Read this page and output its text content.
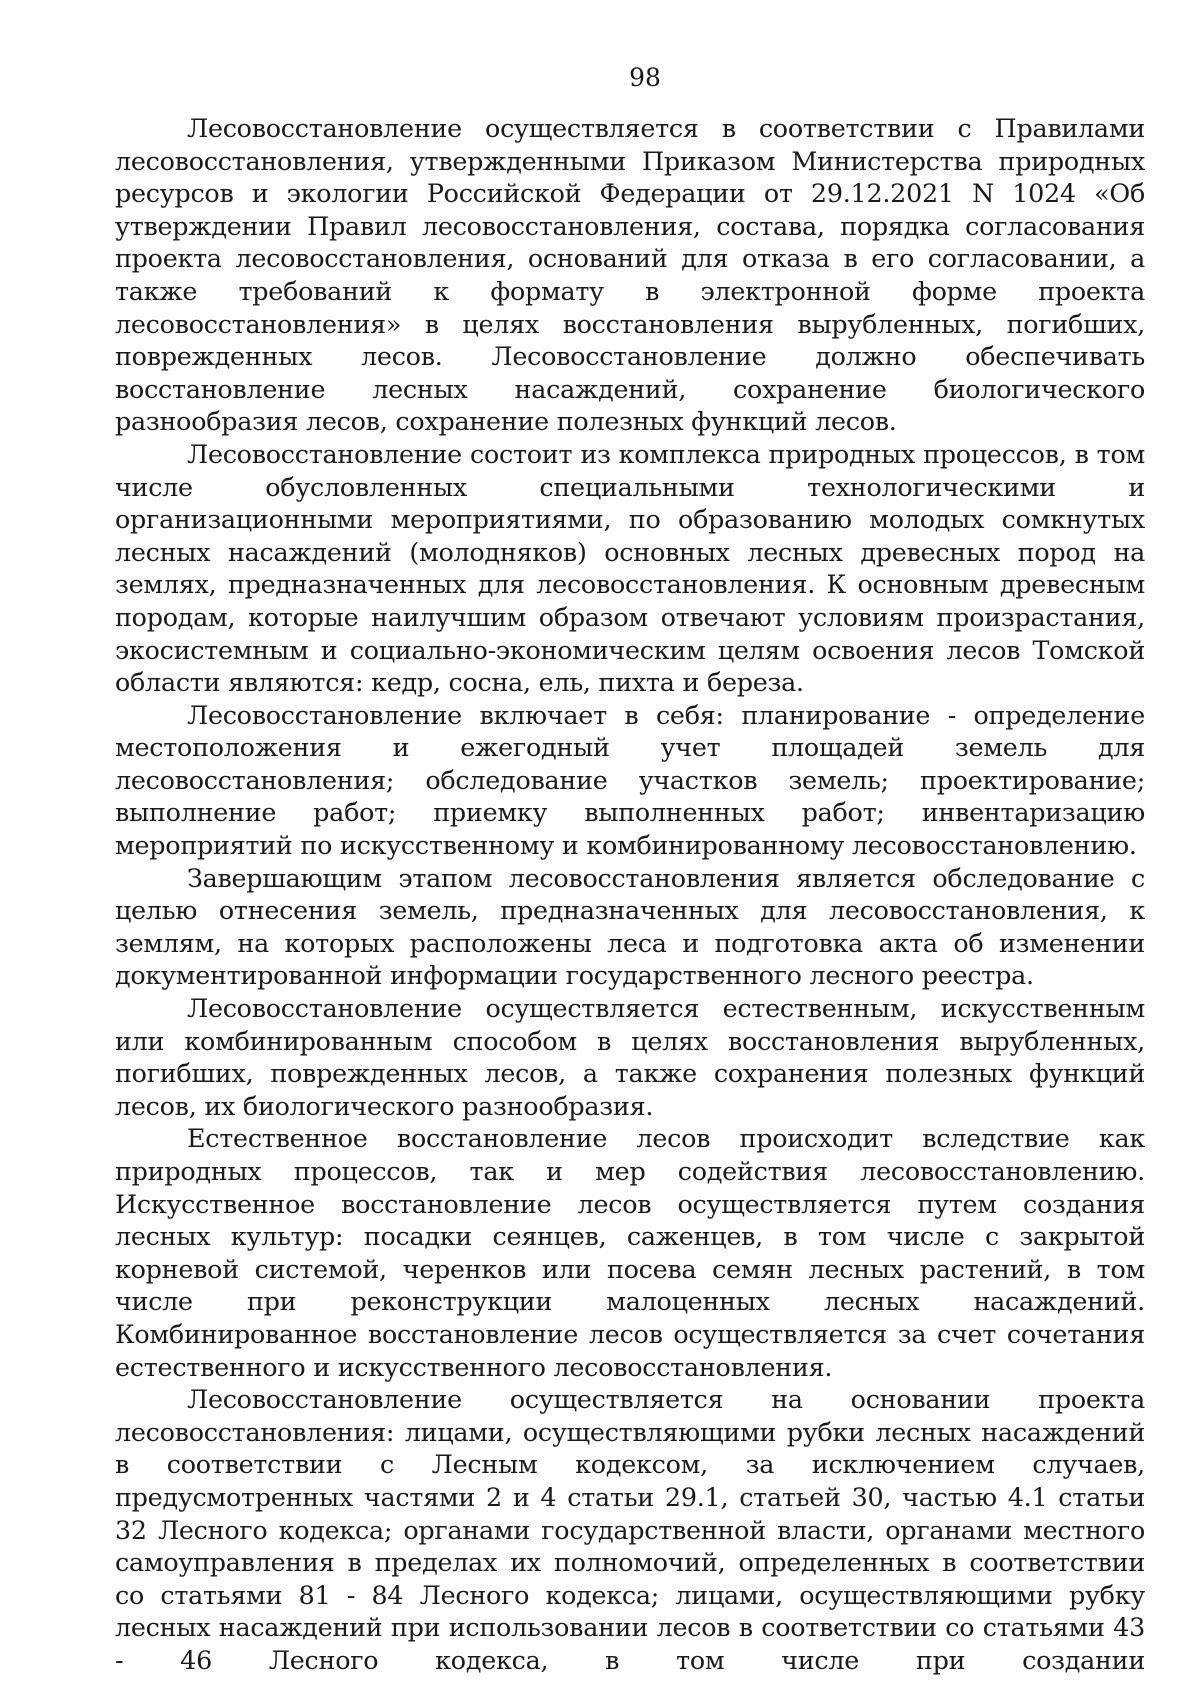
98

Лесовосстановление осуществляется в соответствии с Правилами лесовосстановления, утвержденными Приказом Министерства природных ресурсов и экологии Российской Федерации от 29.12.2021 N 1024 «Об утверждении Правил лесовосстановления, состава, порядка согласования проекта лесовосстановления, оснований для отказа в его согласовании, а также требований к формату в электронной форме проекта лесовосстановления» в целях восстановления вырубленных, погибших, поврежденных лесов. Лесовосстановление должно обеспечивать восстановление лесных насаждений, сохранение биологического разнообразия лесов, сохранение полезных функций лесов.

Лесовосстановление состоит из комплекса природных процессов, в том числе обусловленных специальными технологическими и организационными мероприятиями, по образованию молодых сомкнутых лесных насаждений (молодняков) основных лесных древесных пород на землях, предназначенных для лесовосстановления. К основным древесным породам, которые наилучшим образом отвечают условиям произрастания, экосистемным и социально-экономическим целям освоения лесов Томской области являются: кедр, сосна, ель, пихта и береза.

Лесовосстановление включает в себя: планирование - определение местоположения и ежегодный учет площадей земель для лесовосстановления; обследование участков земель; проектирование; выполнение работ; приемку выполненных работ; инвентаризацию мероприятий по искусственному и комбинированному лесовосстановлению.

Завершающим этапом лесовосстановления является обследование с целью отнесения земель, предназначенных для лесовосстановления, к землям, на которых расположены леса и подготовка акта об изменении документированной информации государственного лесного реестра.

Лесовосстановление осуществляется естественным, искусственным или комбинированным способом в целях восстановления вырубленных, погибших, поврежденных лесов, а также сохранения полезных функций лесов, их биологического разнообразия.

Естественное восстановление лесов происходит вследствие как природных процессов, так и мер содействия лесовосстановлению. Искусственное восстановление лесов осуществляется путем создания лесных культур: посадки сеянцев, саженцев, в том числе с закрытой корневой системой, черенков или посева семян лесных растений, в том числе при реконструкции малоценных лесных насаждений. Комбинированное восстановление лесов осуществляется за счет сочетания естественного и искусственного лесовосстановления.

Лесовосстановление осуществляется на основании проекта лесовосстановления: лицами, осуществляющими рубки лесных насаждений в соответствии с Лесным кодексом, за исключением случаев, предусмотренных частями 2 и 4 статьи 29.1, статьей 30, частью 4.1 статьи 32 Лесного кодекса; органами государственной власти, органами местного самоуправления в пределах их полномочий, определенных в соответствии со статьями 81 - 84 Лесного кодекса; лицами, осуществляющими рубку лесных насаждений при использовании лесов в соответствии со статьями 43 - 46 Лесного кодекса, в том числе при создании
